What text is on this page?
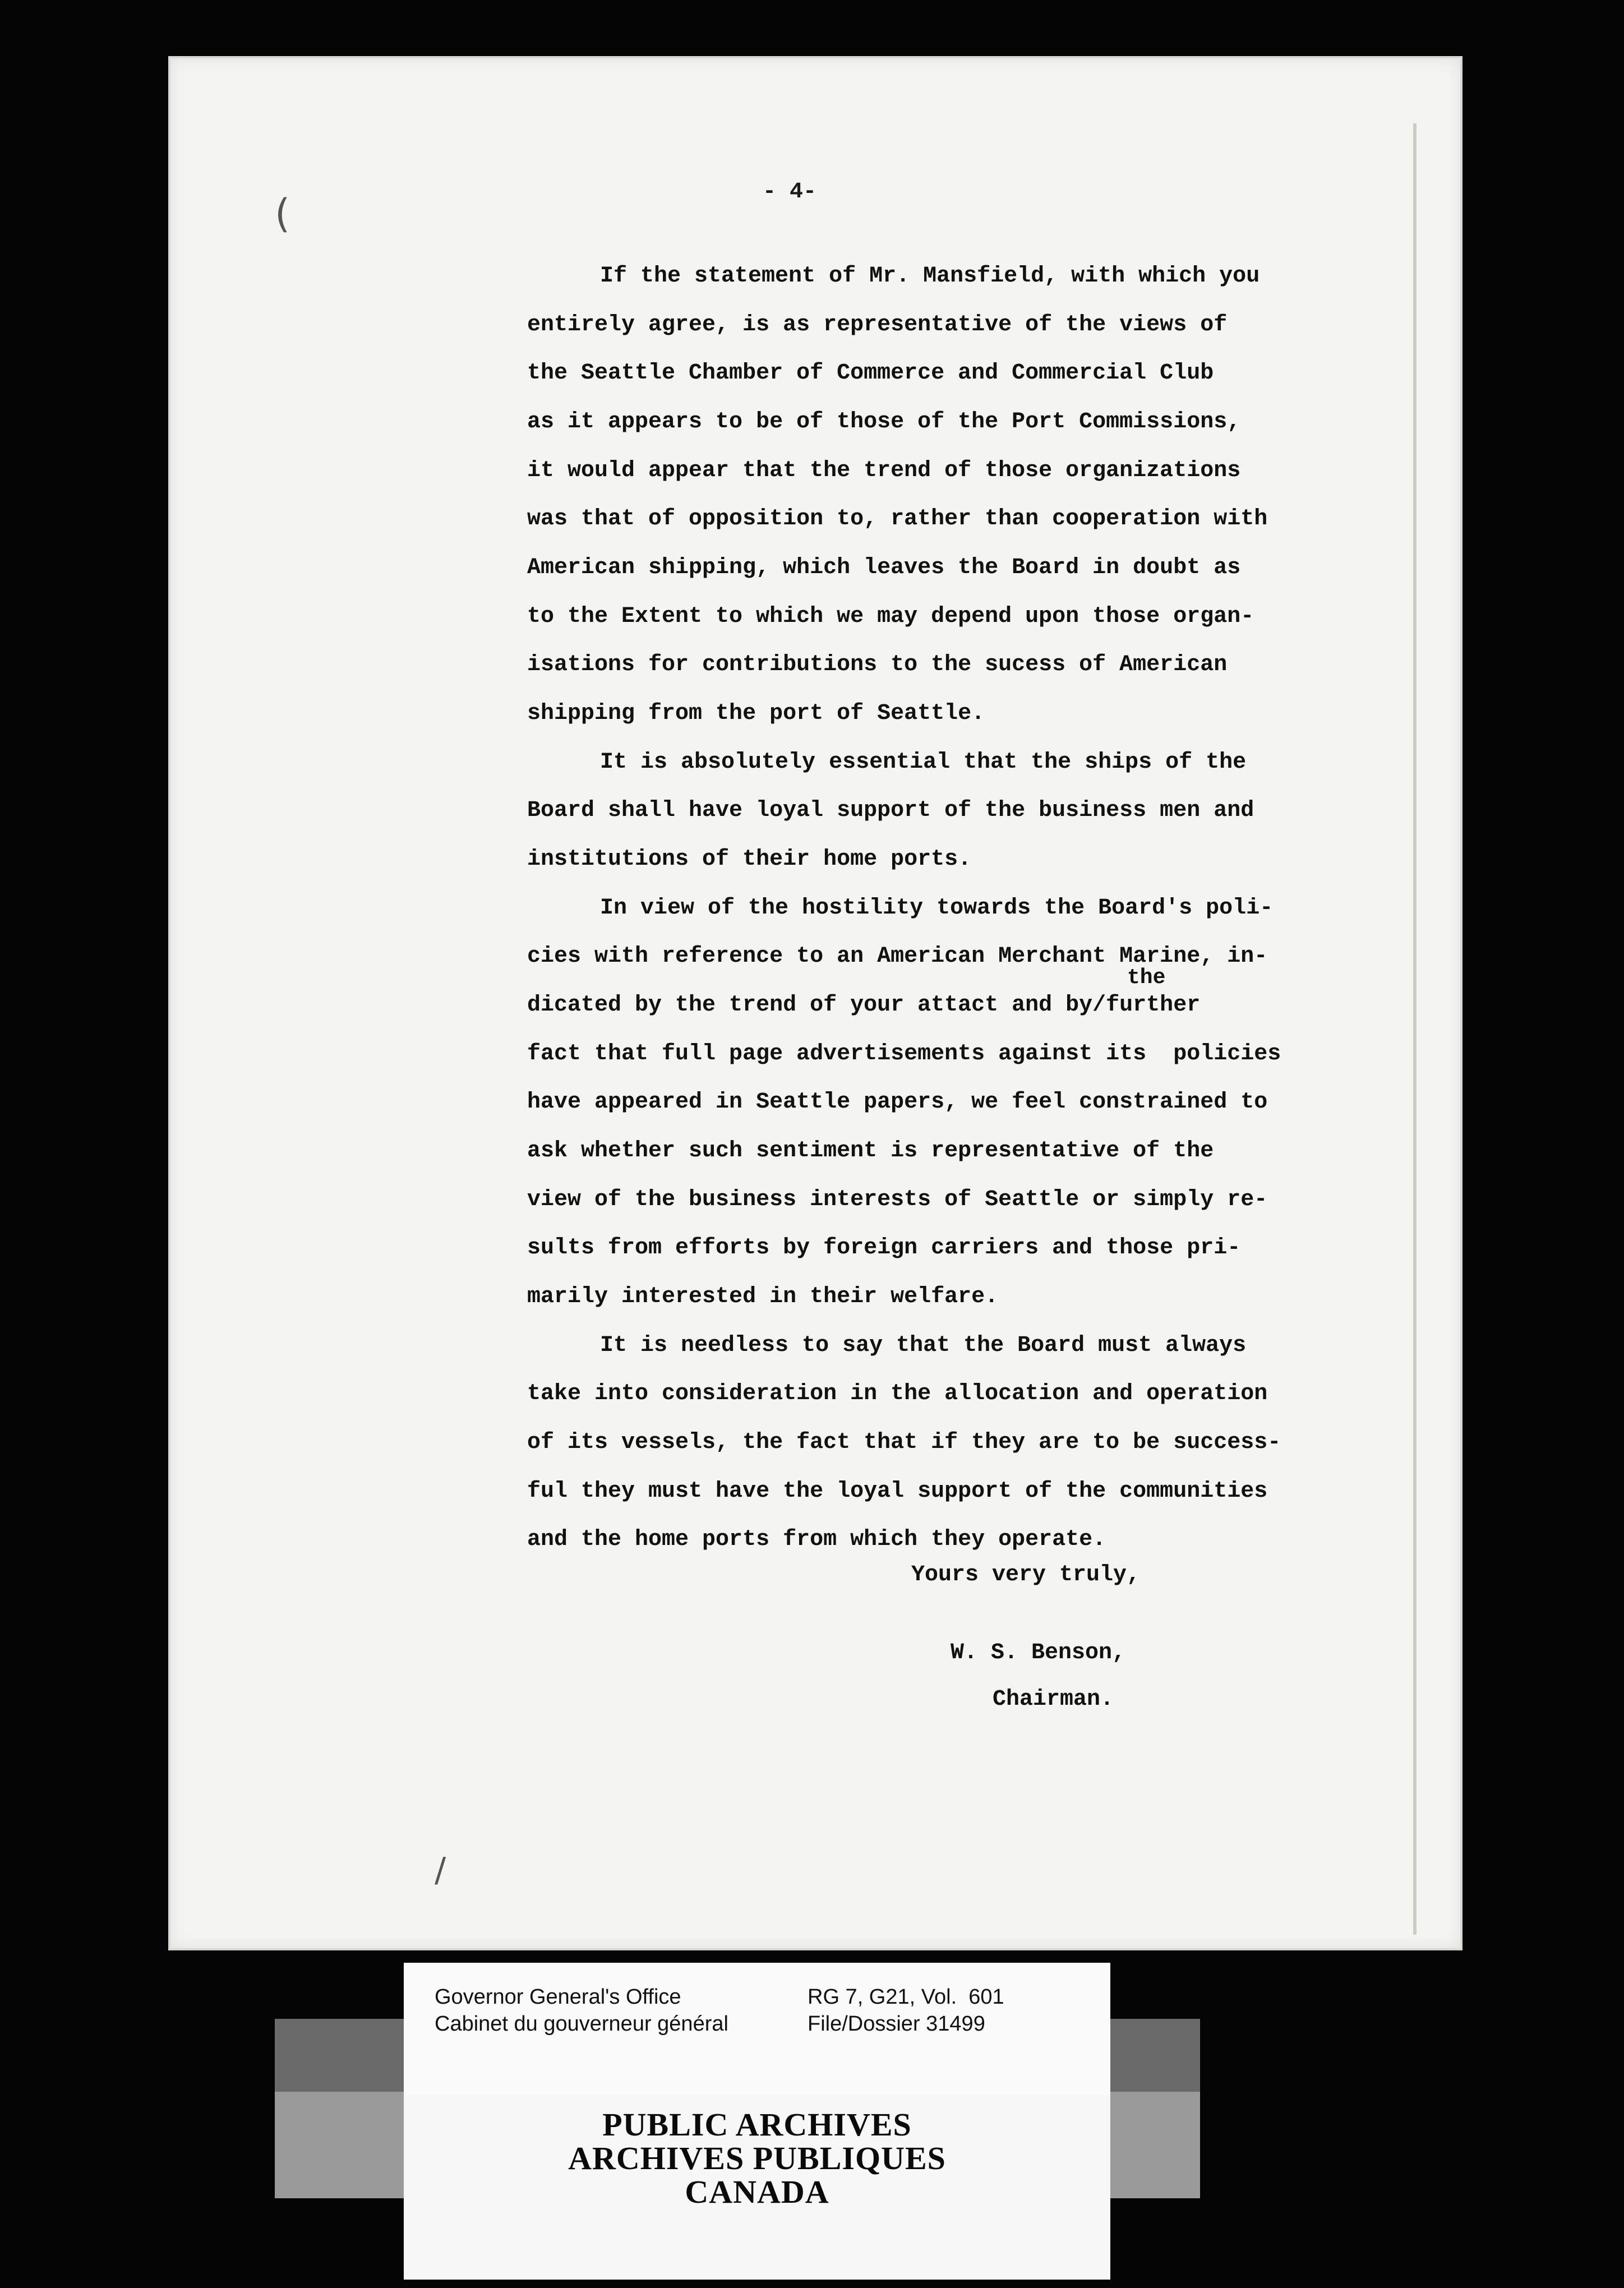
(
/
- 4-
If the statement of Mr. Mansfield, with which you
entirely agree, is as representative of the views of
the Seattle Chamber of Commerce and Commercial Club
as it appears to be of those of the Port Commissions,
it would appear that the trend of those organizations
was that of opposition to, rather than cooperation with
American shipping, which leaves the Board in doubt as
to the Extent to which we may depend upon those organ-
isations for contributions to the sucess of American
shipping from the port of Seattle.
It is absolutely essential that the ships of the
Board shall have loyal support of the business men and
institutions of their home ports.
In view of the hostility towards the Board's poli-
cies with reference to an American Merchant Marine, in-
dicated by the trend of your attact and by/further
fact that full page advertisements against its  policies
have appeared in Seattle papers, we feel constrained to
ask whether such sentiment is representative of the
view of the business interests of Seattle or simply re-
sults from efforts by foreign carriers and those pri-
marily interested in their welfare.
It is needless to say that the Board must always
take into consideration in the allocation and operation
of its vessels, the fact that if they are to be success-
ful they must have the loyal support of the communities
and the home ports from which they operate.
the
Yours very truly,
W. S. Benson,
Chairman.
Governor General's Office
Cabinet du gouverneur général
RG 7, G21, Vol.  601
File/Dossier 31499
PUBLIC ARCHIVES
ARCHIVES PUBLIQUES
CANADA
